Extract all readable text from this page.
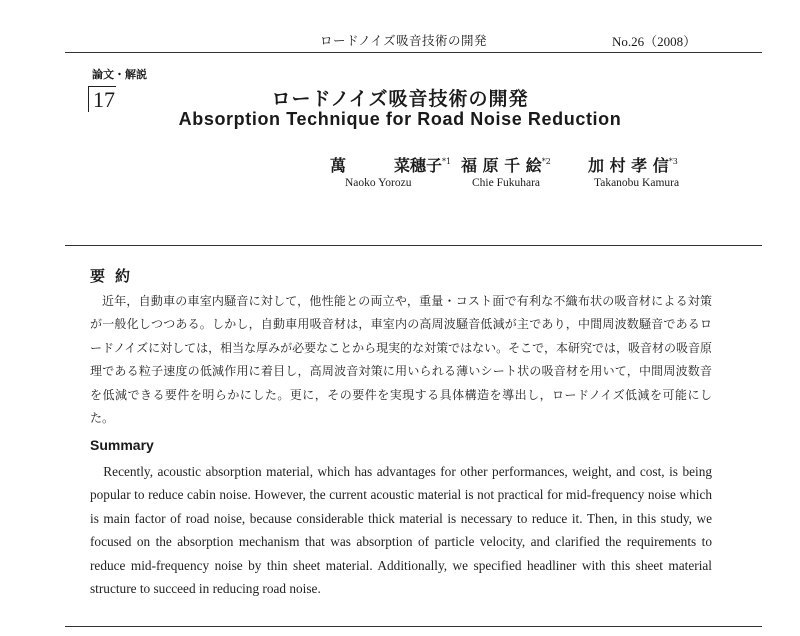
ロードノイズ吸音技術の開発	No.26（2008）
論文・解説
17	ロードノイズ吸音技術の開発
Absorption Technique for Road Noise Reduction
萬　　　菜穗子$^{*1}$
Naoko Yorozu
福 原 千 絵$^{*2}$
Chie Fukuhara
加 村 孝 信$^{*3}$
Takanobu Kamura
要約
近年，自動車の車室内騒音に対して，他性能との両立や，重量・コスト面で有利な不織布状の吸音材による対策が一般化しつつある。しかし，自動車用吸音材は，車室内の高周波騒音低減が主であり，中間周波数騒音であるロードノイズに対しては，相当な厚みが必要なことから現実的な対策ではない。そこで，本研究では，吸音材の吸音原理である粒子速度の低減作用に着目し，高周波音対策に用いられる薄いシート状の吸音材を用いて，中間周波数音を低減できる要件を明らかにした。更に，その要件を実現する具体構造を導出し，ロードノイズ低減を可能にした。
Summary
Recently, acoustic absorption material, which has advantages for other performances, weight, and cost, is being popular to reduce cabin noise. However, the current acoustic material is not practical for mid-frequency noise which is main factor of road noise, because considerable thick material is necessary to reduce it. Then, in this study, we focused on the absorption mechanism that was absorption of particle velocity, and clarified the requirements to reduce mid-frequency noise by thin sheet material. Additionally, we specified headliner with this sheet material structure to succeed in reducing road noise.
